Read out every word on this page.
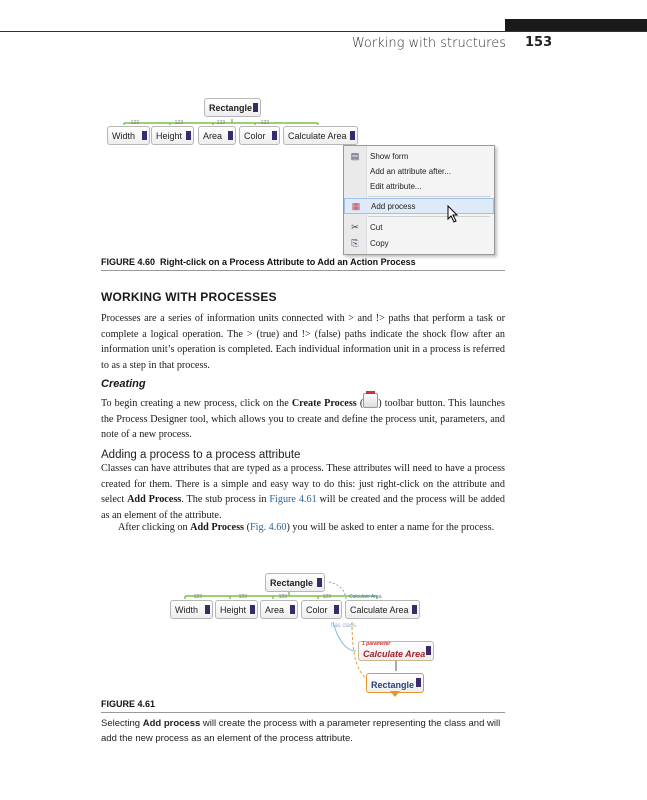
Working with structures 153
Rectangle
123
Width
123
Height
123
Area
123
Color Calculate Area
▤	Show form
Add an attribute after...
Edit attribute...
▦	Add process
✂	Cut
⎘	Copy
FIGURE 4.60 Right-click on a Process Attribute to Add an Action Process
WORKING WITH PROCESSES

Processes are a series of information units connected with > and !> paths that perform a task or complete a logical operation. The > (true) and !> (false) paths indicate the shock flow after an information unit’s operation is completed. Each individual information unit in a process is referred to as a step in that process.

Creating

To begin creating a new process, click on the Create Process ( ) toolbar button. This launches the Process Designer tool, which allows you to create and define the process unit, parameters, and note of a new process.

Adding a process to a process attribute

Classes can have attributes that are typed as a process. These attributes will need to have a process created for them. There is a simple and easy way to do this: just right-click on the attribute and select Add Process. The stub process in Figure 4.61 will be created and the process will be added as an element of the attribute.

After clicking on Add Process (Fig. 4.60) you will be asked to enter a name for the process.

Rectangle
123
Width
123
Height
123
Area
123
Color
Calculate Area
Calculate Area
has class
1 parameter
Calculate Area
Rectangle
FIGURE 4.61
Selecting Add process will create the process with a parameter representing the class and will add the new process as an element of the process attribute.
